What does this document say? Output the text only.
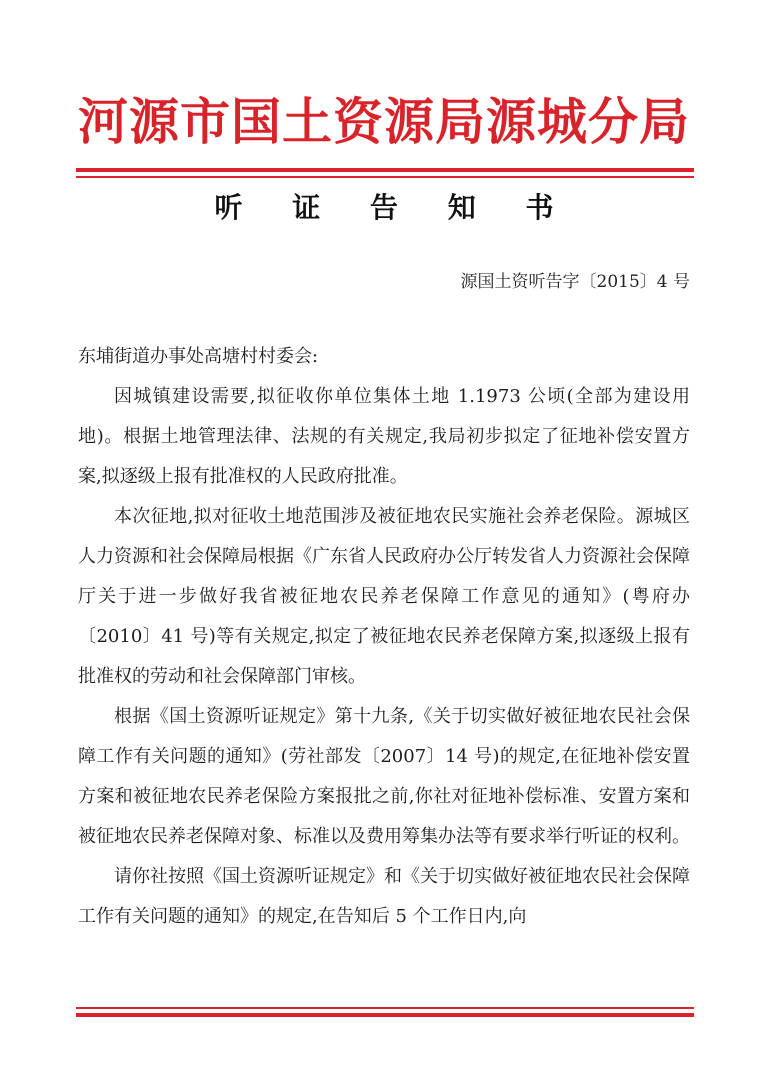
河源市国土资源局源城分局
听 证 告 知 书
源国土资听告字〔2015〕4 号

东埔街道办事处高塘村村委会:

因城镇建设需要,拟征收你单位集体土地 1.1973 公顷(全部为建设用地)。根据土地管理法律、法规的有关规定,我局初步拟定了征地补偿安置方案,拟逐级上报有批准权的人民政府批准。

本次征地,拟对征收土地范围涉及被征地农民实施社会养老保险。源城区人力资源和社会保障局根据《广东省人民政府办公厅转发省人力资源社会保障厅关于进一步做好我省被征地农民养老保障工作意见的通知》(粤府办〔2010〕41 号)等有关规定,拟定了被征地农民养老保障方案,拟逐级上报有批准权的劳动和社会保障部门审核。

根据《国土资源听证规定》第十九条,《关于切实做好被征地农民社会保障工作有关问题的通知》(劳社部发〔2007〕14 号)的规定,在征地补偿安置方案和被征地农民养老保险方案报批之前,你社对征地补偿标准、安置方案和被征地农民养老保障对象、标准以及费用筹集办法等有要求举行听证的权利。

请你社按照《国土资源听证规定》和《关于切实做好被征地农民社会保障工作有关问题的通知》的规定,在告知后 5 个工作日内,向
